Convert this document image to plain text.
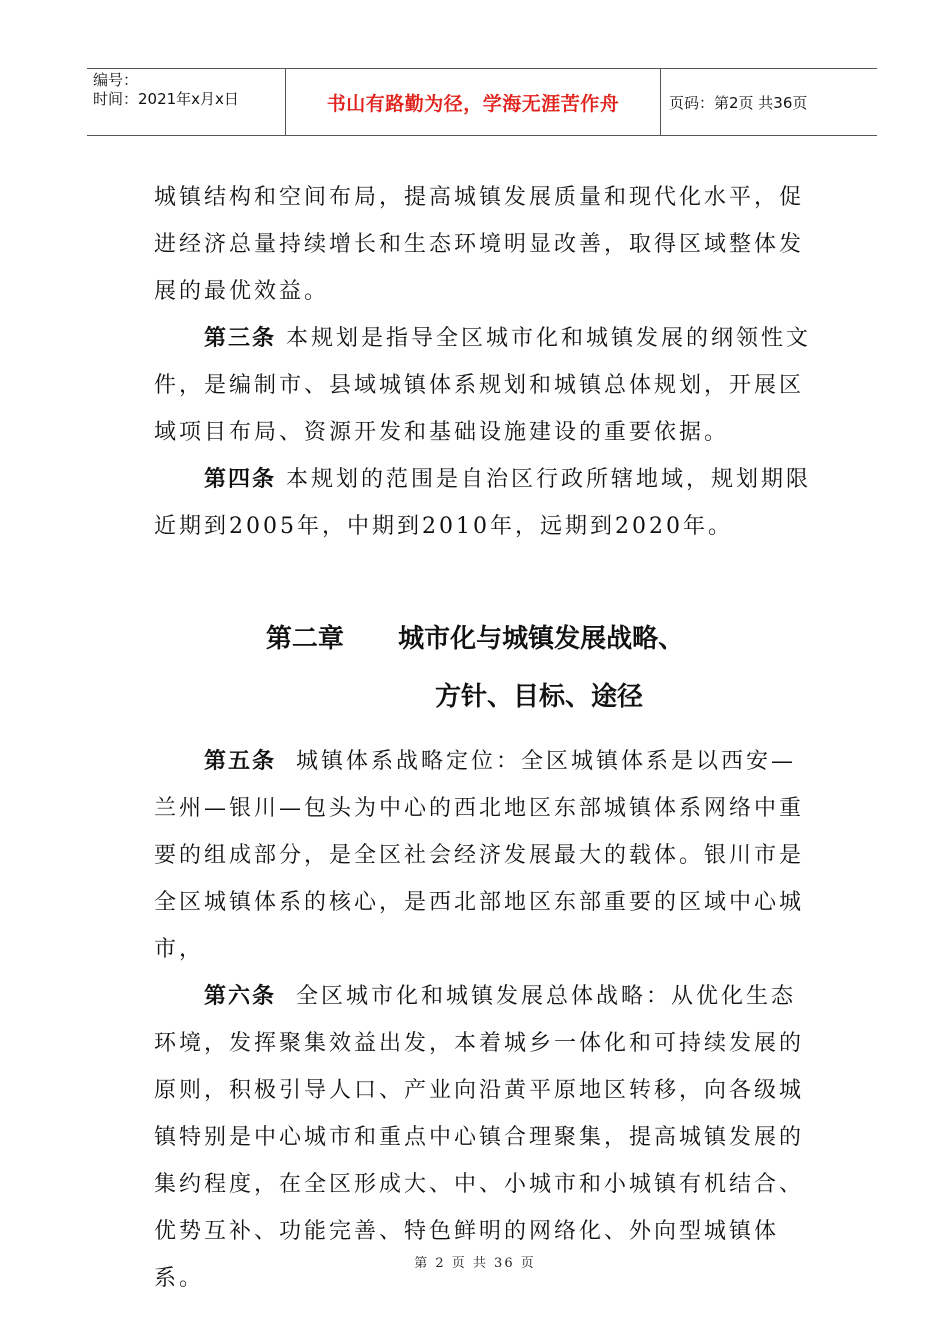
编号：
时间：2021年x月x日	书山有路勤为径，学海无涯苦作舟	页码：第2页 共36页

城镇结构和空间布局，提高城镇发展质量和现代化水平，促进经济总量持续增长和生态环境明显改善，取得区域整体发展的最优效益。

第三条 本规划是指导全区城市化和城镇发展的纲领性文件，是编制市、县域城镇体系规划和城镇总体规划，开展区域项目布局、资源开发和基础设施建设的重要依据。

第四条 本规划的范围是自治区行政所辖地域，规划期限近期到2005年，中期到2010年，远期到2020年。

第二章      城市化与城镇发展战略、
方针、目标、途径

第五条 城镇体系战略定位：全区城镇体系是以西安—兰州—银川—包头为中心的西北地区东部城镇体系网络中重要的组成部分，是全区社会经济发展最大的载体。银川市是全区城镇体系的核心，是西北部地区东部重要的区域中心城市，

第六条 全区城市化和城镇发展总体战略：从优化生态环境，发挥聚集效益出发，本着城乡一体化和可持续发展的原则，积极引导人口、产业向沿黄平原地区转移，向各级城镇特别是中心城市和重点中心镇合理聚集，提高城镇发展的集约程度，在全区形成大、中、小城市和小城镇有机结合、优势互补、功能完善、特色鲜明的网络化、外向型城镇体系。

第 2 页 共 36 页
